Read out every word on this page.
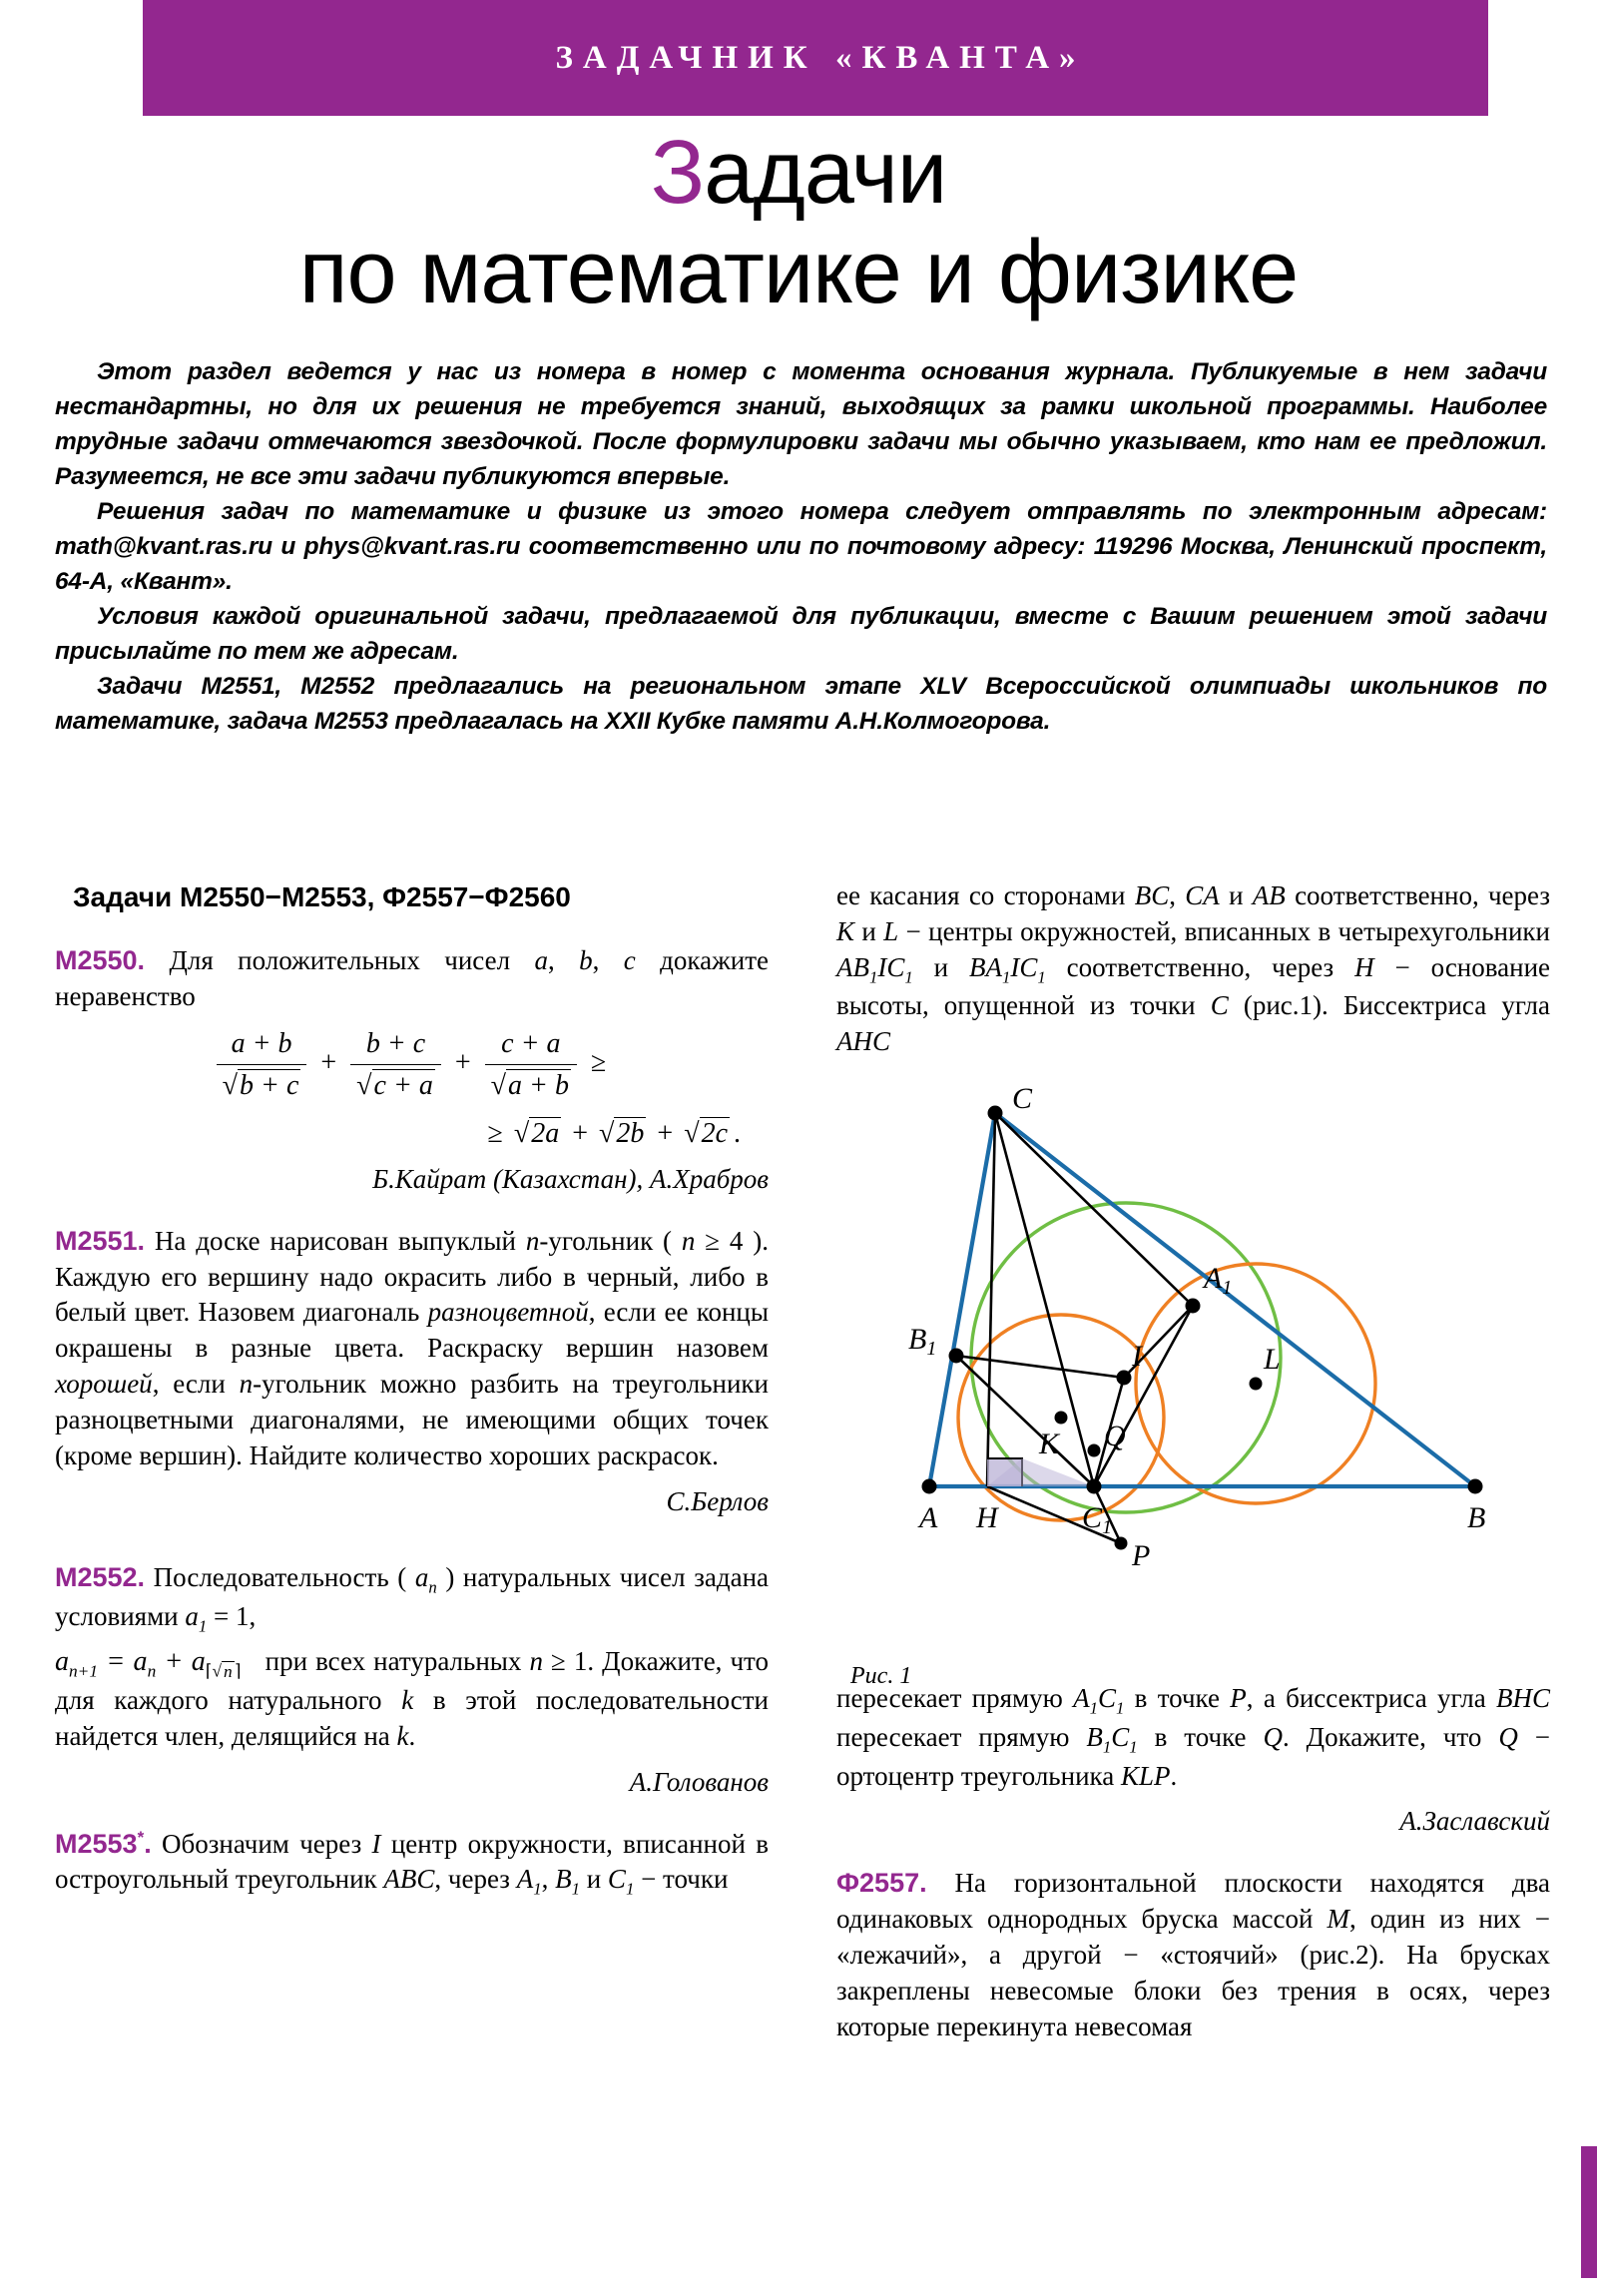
ЗАДАЧНИК «КВАНТА»
Задачи
по математике и физике

Этот раздел ведется у нас из номера в номер с момента основания журнала. Публикуемые в нем задачи нестандартны, но для их решения не требуется знаний, выходящих за рамки школьной программы. Наиболее трудные задачи отмечаются звездочкой. После формулировки задачи мы обычно указываем, кто нам ее предложил. Разумеется, не все эти задачи публикуются впервые.

Решения задач по математике и физике из этого номера следует отправлять по электронным адресам: math@kvant.ras.ru и phys@kvant.ras.ru соответственно или по почтовому адресу: 119296 Москва, Ленинский проспект, 64-А, «Квант».

Условия каждой оригинальной задачи, предлагаемой для публикации, вместе с Вашим решением этой задачи присылайте по тем же адресам.

Задачи М2551, М2552 предлагались на региональном этапе XLV Всероссийской олимпиады школьников по математике, задача М2553 предлагалась на XXII Кубке памяти А.Н.Колмогорова.

Задачи М2550−М2553, Ф2557−Ф2560

М2550. Для положительных чисел a, b, c докажите неравенство

$\frac{a + b}{√b + c} + \frac{b + c}{√c + a} + \frac{c + a}{√a + b}$ ≥

≥ √2a + √2b + √2c .

Б.Кайрат (Казахстан), А.Храбров

М2551. На доске нарисован выпуклый n-угольник ( n ≥ 4 ). Каждую его вершину надо окрасить либо в черный, либо в белый цвет. Назовем диагональ разноцветной, если ее концы окрашены в разные цвета. Раскраску вершин назовем хорошей, если n-угольник можно разбить на треугольники разноцветными диагоналями, не имеющими общих точек (кроме вершин). Найдите количество хороших раскрасок.

С.Берлов

М2552. Последовательность ( $a_n$ ) натуральных чисел задана условиями $a_1 = 1$,

$a_{n+1} = a_n + a_{⌈√ n ⌉}$   при всех натуральных n ≥ 1. Докажите, что для каждого натурального k в этой последовательности найдется член, делящийся на k.

А.Голованов

М2553*. Обозначим через I центр окружности, вписанной в остроугольный треугольник ABC, через $A_1$, $B_1$ и $C_1$ − точки

ее касания со сторонами BC, CA и AB соответственно, через K и L − центры окружностей, вписанных в четырехугольники $AB_1IC_1$ и $BA_1IC_1$ соответственно, через H − основание высоты, опущенной из точки C (рис.1). Биссектриса угла AHC

C
$A_1$
$B_1$	I	L
K Q
A H	$C_1$	B
P

Рис. 1

пересекает прямую $A_1C_1$ в точке P, а биссектриса угла BHC пересекает прямую $B_1C_1$ в точке Q. Докажите, что Q − ортоцентр треугольника KLP.

А.Заславский

Ф2557. На горизонтальной плоскости находятся два одинаковых однородных бруска массой M, один из них − «лежачий», а другой − «стоячий» (рис.2). На брусках закреплены невесомые блоки без трения в осях, через которые перекинута невесомая
